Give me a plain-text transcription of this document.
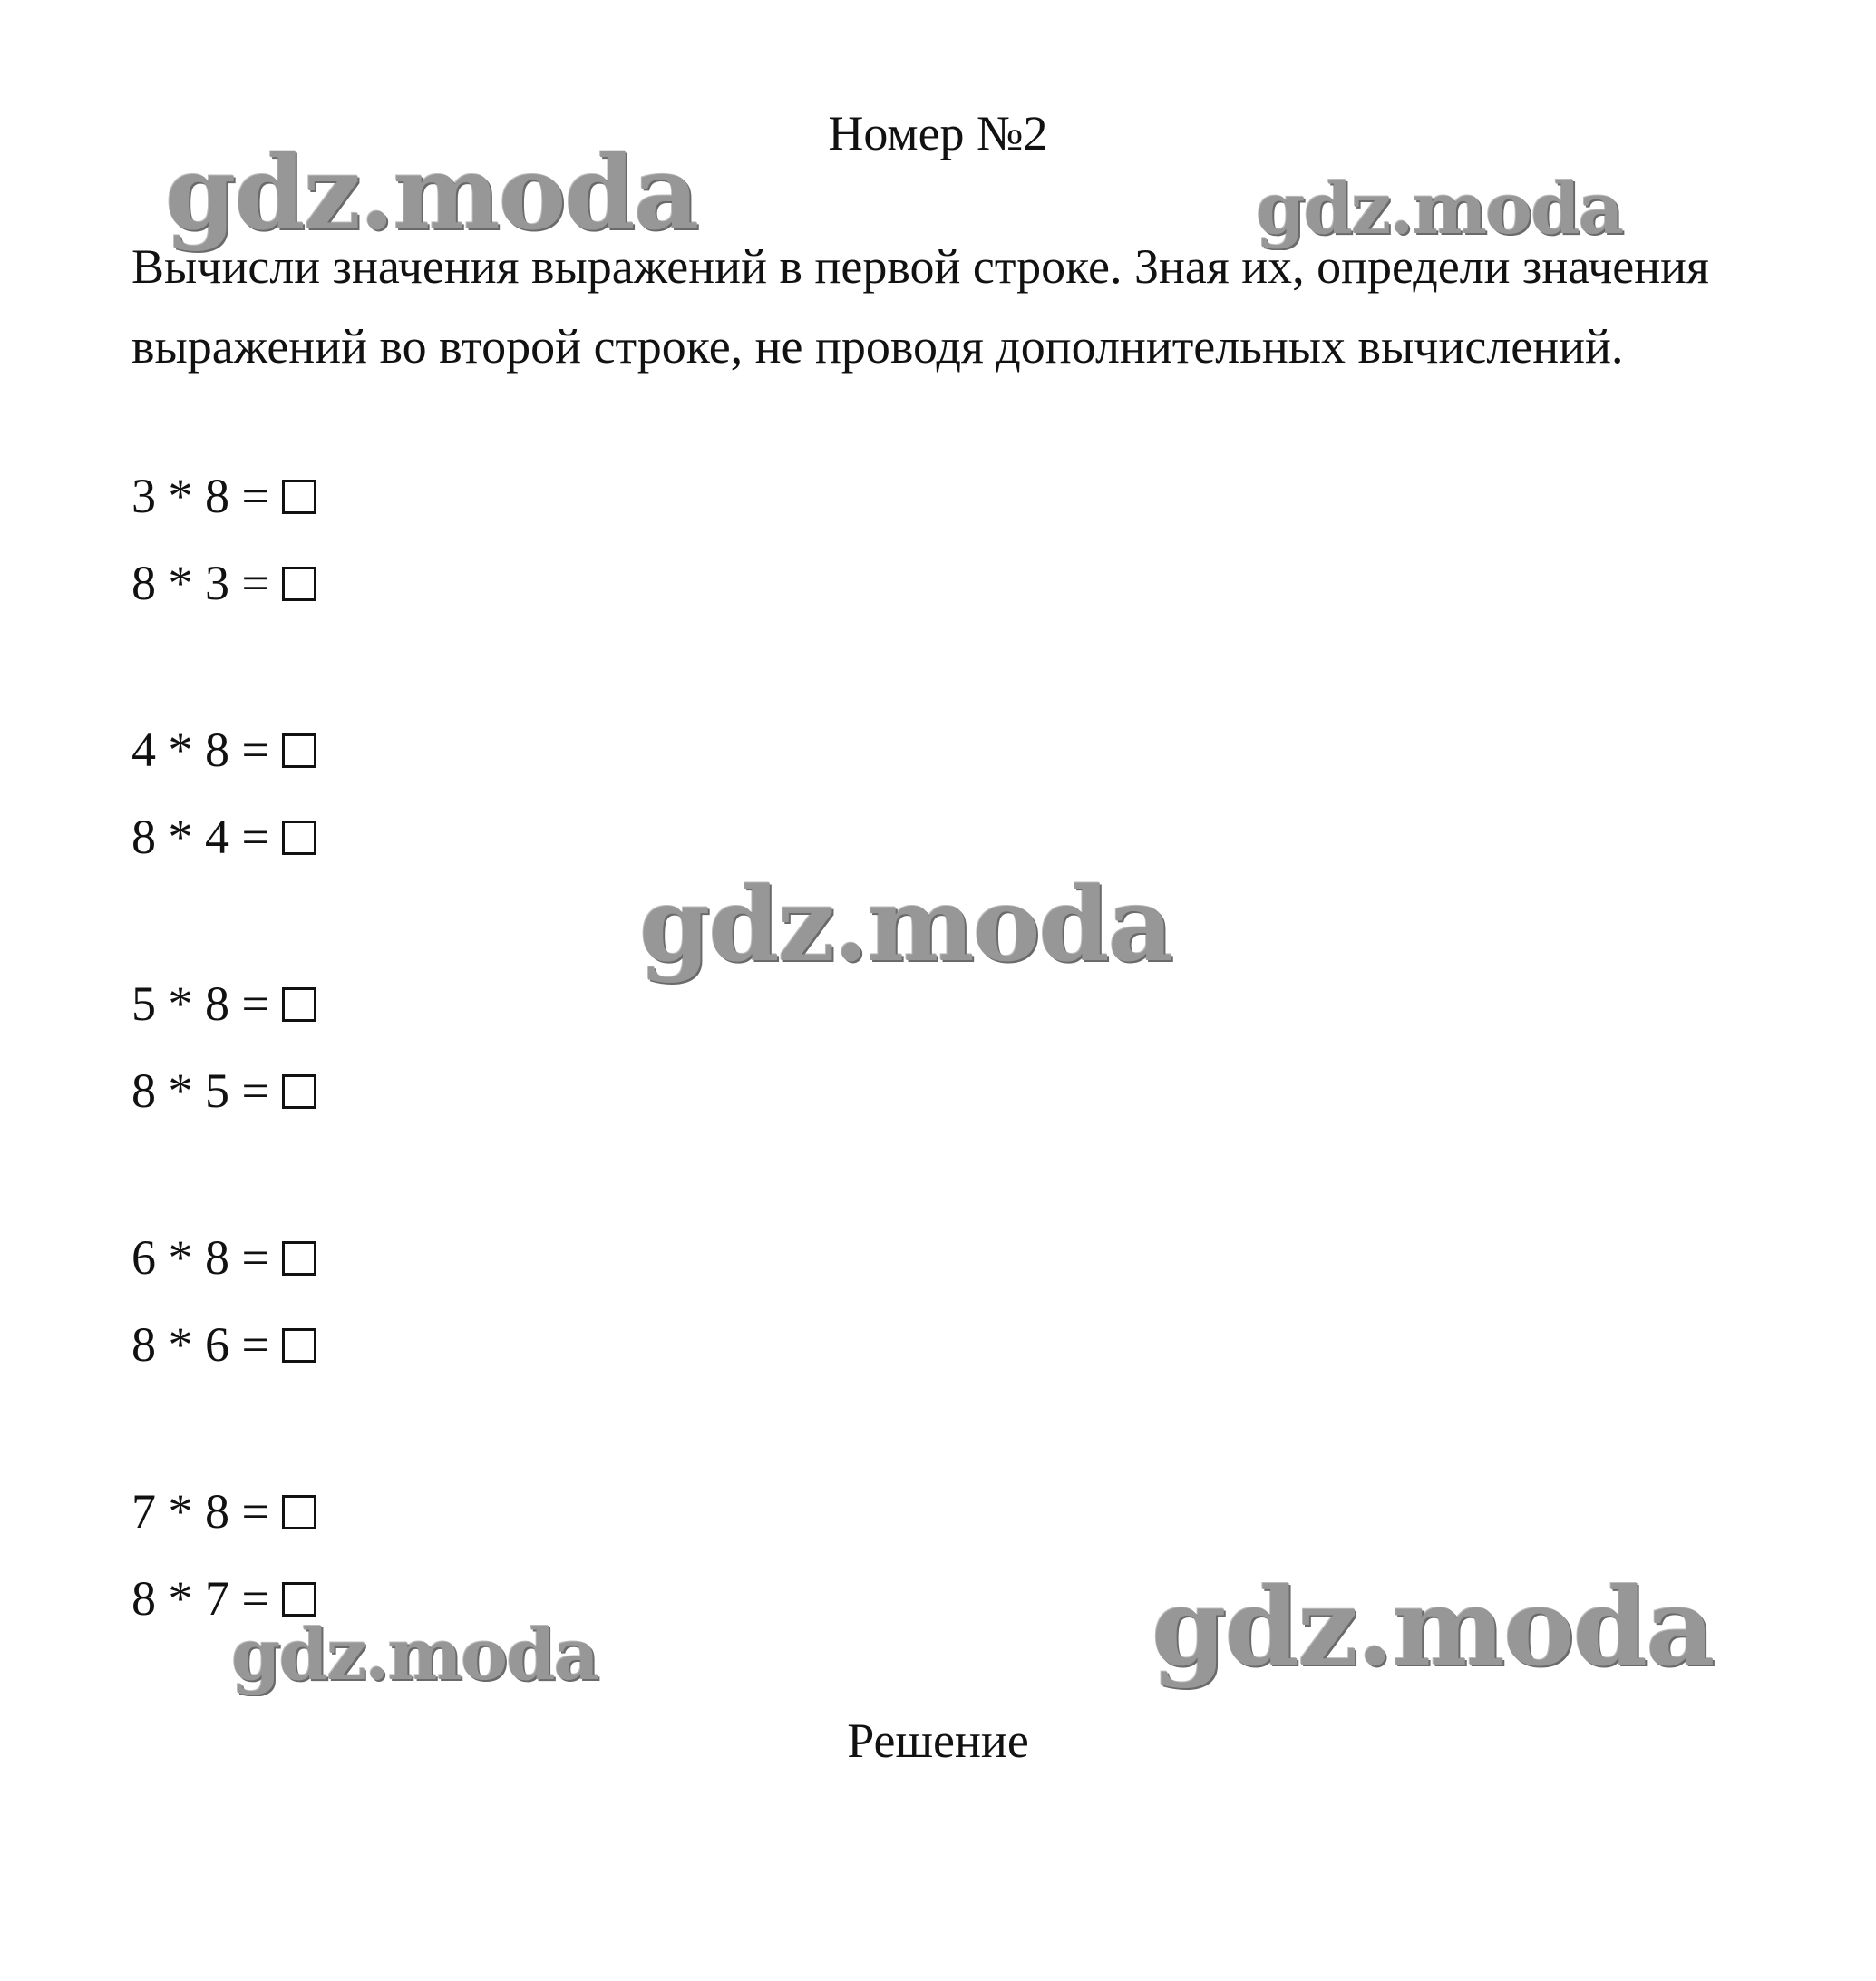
Номер №2
Вычисли значения выражений в первой строке. Зная их, определи значения выражений во второй строке, не проводя дополнительных вычислений.
3 * 8 =
8 * 3 =
4 * 8 =
8 * 4 =
5 * 8 =
8 * 5 =
6 * 8 =
8 * 6 =
7 * 8 =
8 * 7 =
Решение
gdz.moda	gdz.moda
gdz.moda
gdz.moda
gdz.moda
